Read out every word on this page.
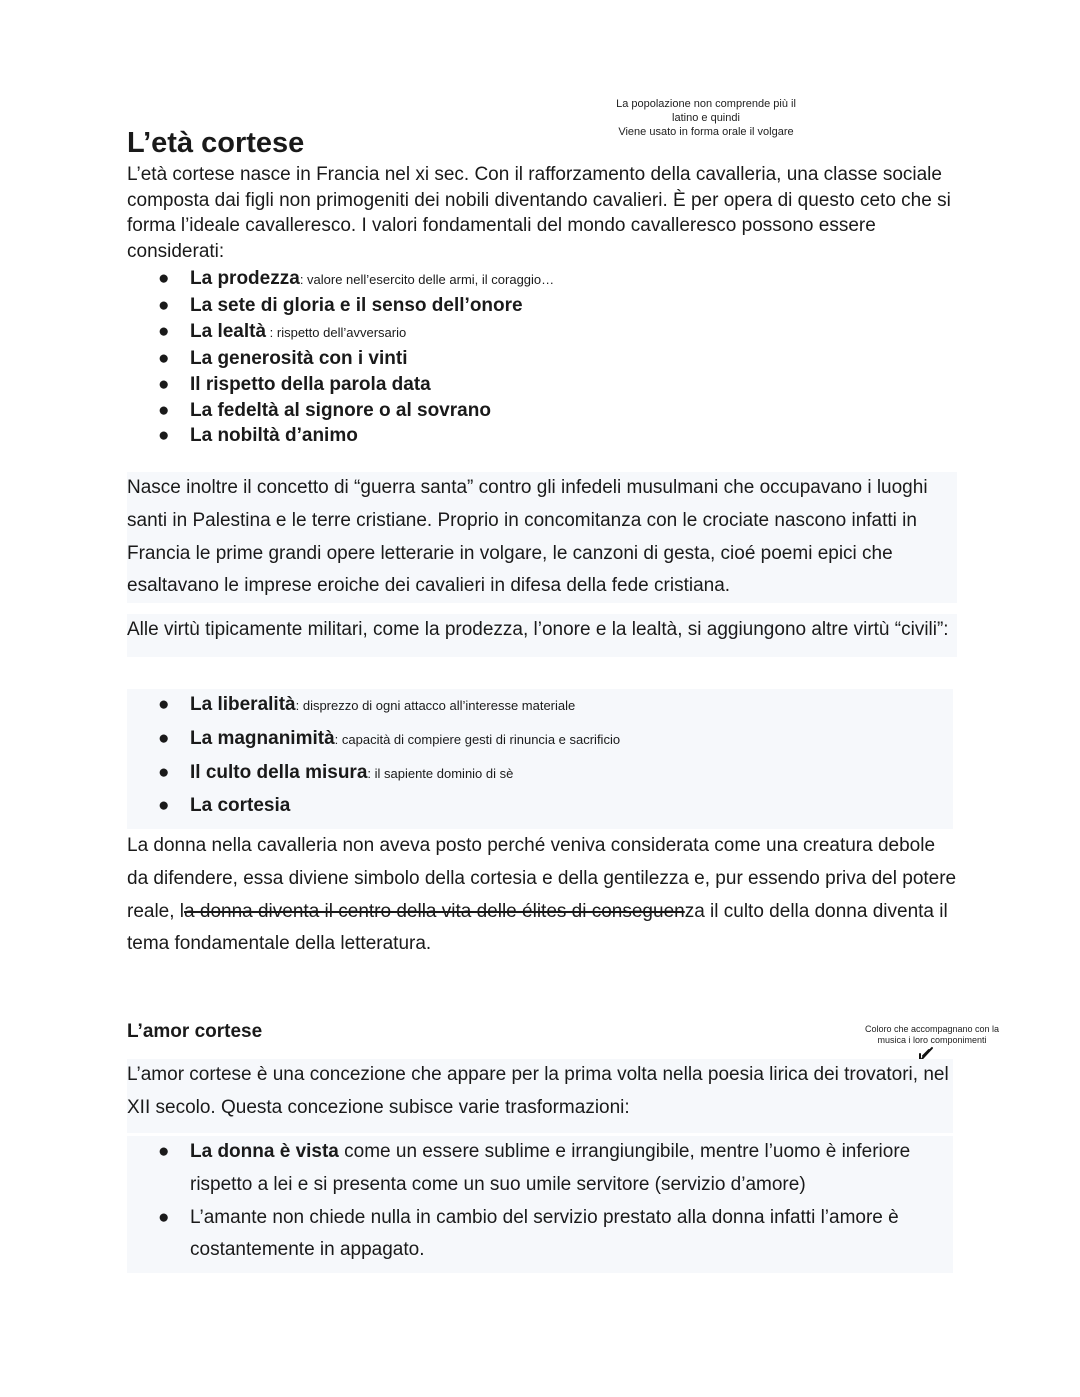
La popolazione non comprende più il
latino e quindi
Viene usato in forma orale il volgare
L’età cortese
L’età cortese nasce in Francia nel xi sec. Con il rafforzamento della cavalleria, una classe sociale composta dai figli non primogeniti dei nobili diventando cavalieri. È per opera di questo ceto che si forma l’ideale cavalleresco. I valori fondamentali del mondo cavalleresco possono essere considerati:
● La prodezza: valore nell’esercito delle armi, il coraggio…
● La sete di gloria e il senso dell’onore
● La lealtà : rispetto dell’avversario
● La generosità con i vinti
● Il rispetto della parola data
● La fedeltà al signore o al sovrano
● La nobiltà d’animo
Nasce inoltre il concetto di “guerra santa” contro gli infedeli musulmani che occupavano i luoghi santi in Palestina e le terre cristiane. Proprio in concomitanza con le crociate nascono infatti in Francia le prime grandi opere letterarie in volgare, le canzoni di gesta, cioé poemi epici che esaltavano le imprese eroiche dei cavalieri in difesa della fede cristiana.
Alle virtù tipicamente militari, come la prodezza, l’onore e la lealtà, si aggiungono altre virtù “civili”:
● La liberalità: disprezzo di ogni attacco all’interesse materiale
● La magnanimità: capacità di compiere gesti di rinuncia e sacrificio
● Il culto della misura: il sapiente dominio di sè
● La cortesia
La donna nella cavalleria non aveva posto perché veniva considerata come una creatura debole da difendere, essa diviene simbolo della cortesia e della gentilezza e, pur essendo priva del potere reale, la donna diventa il centro della vita delle élites di conseguenza il culto della donna diventa il tema fondamentale della letteratura.
L’amor cortese	Coloro che accompagnano con la
musica i loro componimenti
L’amor cortese è una concezione che appare per la prima volta nella poesia lirica dei trovatori, nel XII secolo. Questa concezione subisce varie trasformazioni:
● La donna è vista come un essere sublime e irrangiungibile, mentre l’uomo è inferiore rispetto a lei e si presenta come un suo umile servitore (servizio d’amore)
● L’amante non chiede nulla in cambio del servizio prestato alla donna infatti l’amore è costantemente in appagato.
